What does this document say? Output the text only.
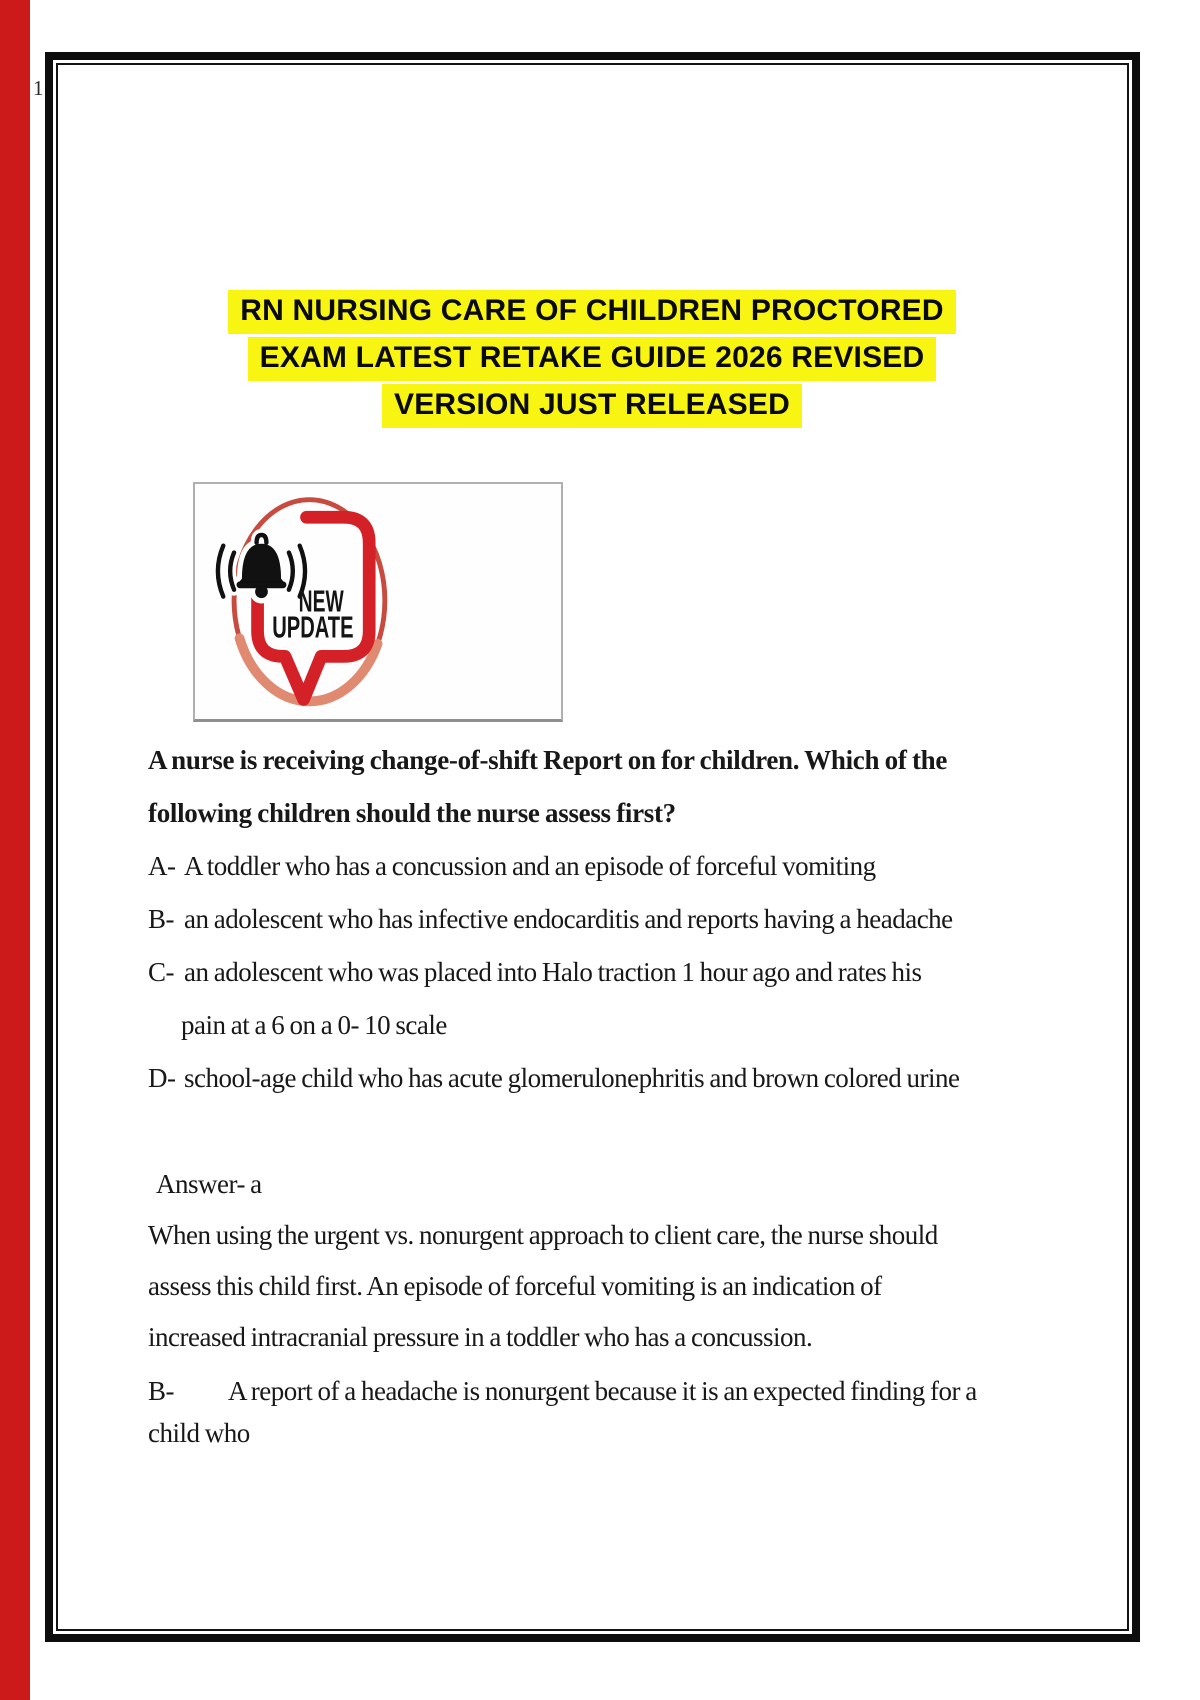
1
RN NURSING CARE OF CHILDREN PROCTORED
EXAM LATEST RETAKE GUIDE 2026 REVISED
VERSION JUST RELEASED
NEW
UPDATE
A nurse is receiving change-of-shift Report on for children. Which of the
following children should the nurse assess first?
A- A toddler who has a concussion and an episode of forceful vomiting
B- an adolescent who has infective endocarditis and reports having a headache
C- an adolescent who was placed into Halo traction 1 hour ago and rates his
pain at a 6 on a 0- 10 scale
D- school-age child who has acute glomerulonephritis and brown colored urine
Answer- a
When using the urgent vs. nonurgent approach to client care, the nurse should
assess this child first. An episode of forceful vomiting is an indication of
increased intracranial pressure in a toddler who has a concussion.
B- A report of a headache is nonurgent because it is an expected finding for a
child who
